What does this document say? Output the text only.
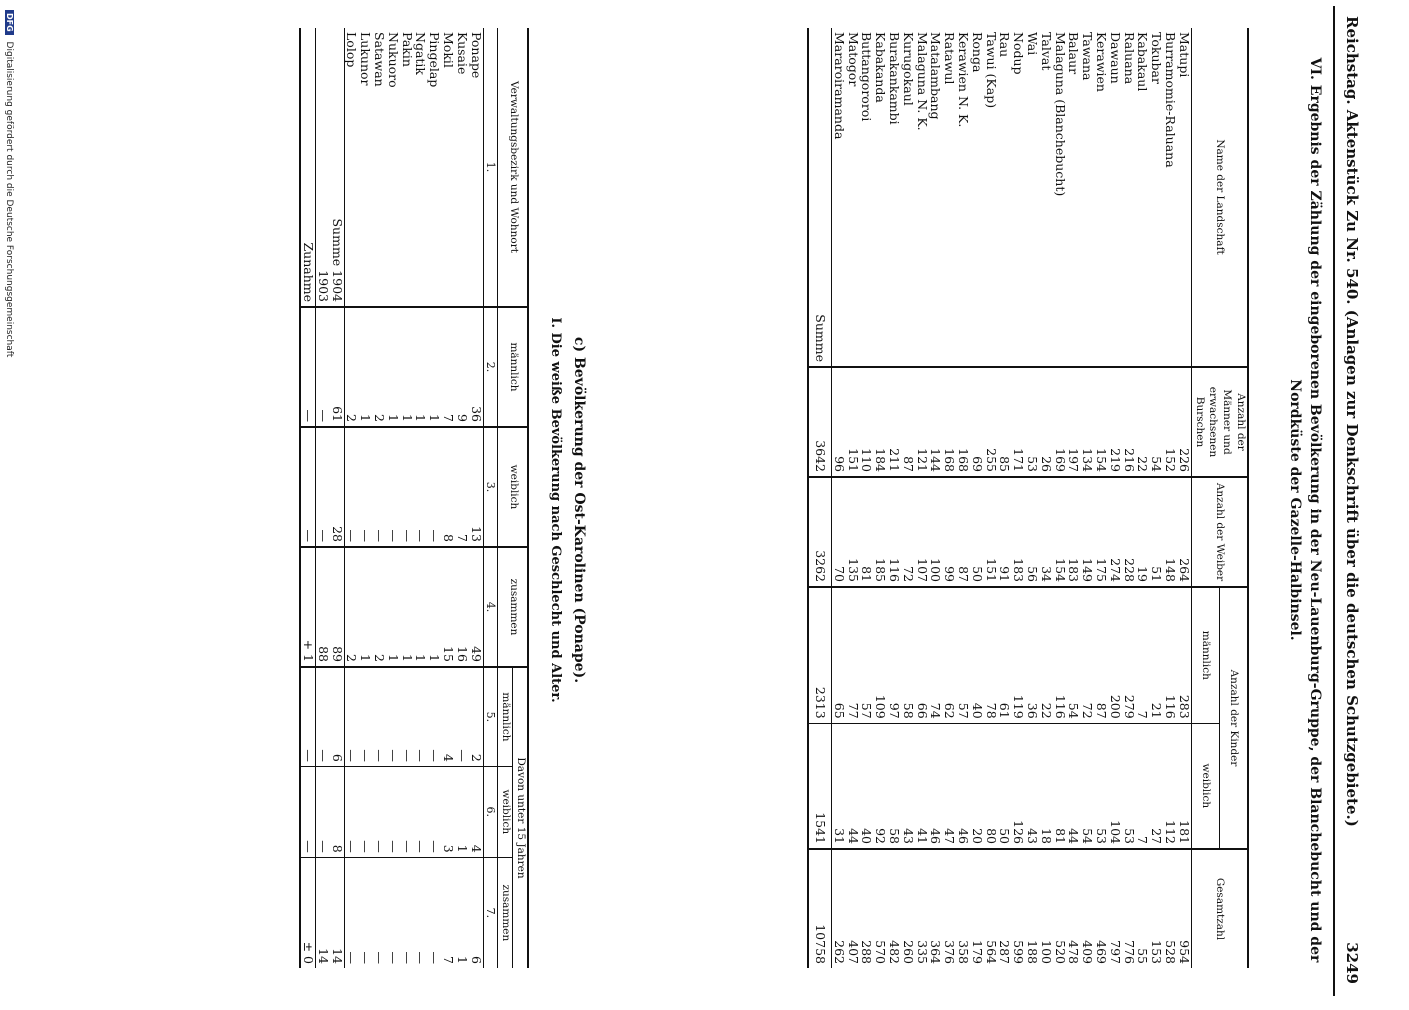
Reichstag. Aktenstück Zu Nr. 540. (Anlagen zur Denkschrift über die deutschen Schutzgebiete.)
3249
VI. Ergebnis der Zählung der eingeborenen Bevölkerung in der Neu-Lauenburg-Gruppe, der Blanchebucht und der Nordküste der Gazelle-Halbinsel.
Name der Landschaft	Anzahl der Männer und erwachsenen Burschen	Anzahl der Weiber	Anzahl der Kinder		Gesamtzahl
			männlich	weiblich	
Matupi	226	264	283	181	954
Burramomie-Raluana	152	148	116	112	528
Tokubar	54	51	21	27	153
Kabakaul	22	19	7	7	55
Raluana	216	228	279	53	776
Dawaun	219	274	200	104	797
Kerawien	154	175	87	53	469
Tawana	134	149	72	54	409
Balaur	197	183	54	44	478
Malaguna (Blanchebucht)	169	154	116	81	520
Talvat	26	34	22	18	100
Wai	53	56	36	43	188
Nodup	171	183	119	126	599
Rau	85	91	61	50	287
Tawui (Kap)	255	151	78	80	564
Ronga	69	50	40	20	179
Kerawien N. K.	168	87	57	46	358
Ratawul	168	99	62	47	376
Matalambang	144	100	74	46	364
Malaguna N. K.	121	107	66	41	335
Kurugokaul	87	72	58	43	260
Burakankambi	211	116	97	58	482
Kabakanda	184	185	109	92	570
Buttangororoi	110	81	57	40	288
Matogor	151	135	77	44	407
Mararoiramanda	96	70	65	31	262
Summe	3642	3262	2313	1541	10758
c) Bevölkerung der Ost-Karolinen (Ponape).
I. Die weiße Bevölkerung nach Geschlecht und Alter.
Verwaltungsbezirk und Wohnort	männlich	weiblich	zusammen	Davon unter 15 Jahren		
				männlich	weiblich	zusammen
1.	2.	3.	4.	5.	6.	7.
Ponape	36	13	49	2	4	6
Kusaie	9	7	16	—	1	1
Mokil	7	8	15	4	3	7
Pingelap	1	—	1	—	—	—
Ngatik	1	—	1	—	—	—
Pakin	1	—	1	—	—	—
Nukuoro	1	—	1	—	—	—
Satawan	2	—	2	—	—	—
Lukunor	1	—	1	—	—	—
Lolop	2	—	2	—	—	—
Summe 1904	61	28	89	6	8	14
1903	—	—	88	—	—	14
Zunahme	—	—	+ 1	—	—	± 0
DFG Digitalisierung gefördert durch die Deutsche Forschungsgemeinschaft
